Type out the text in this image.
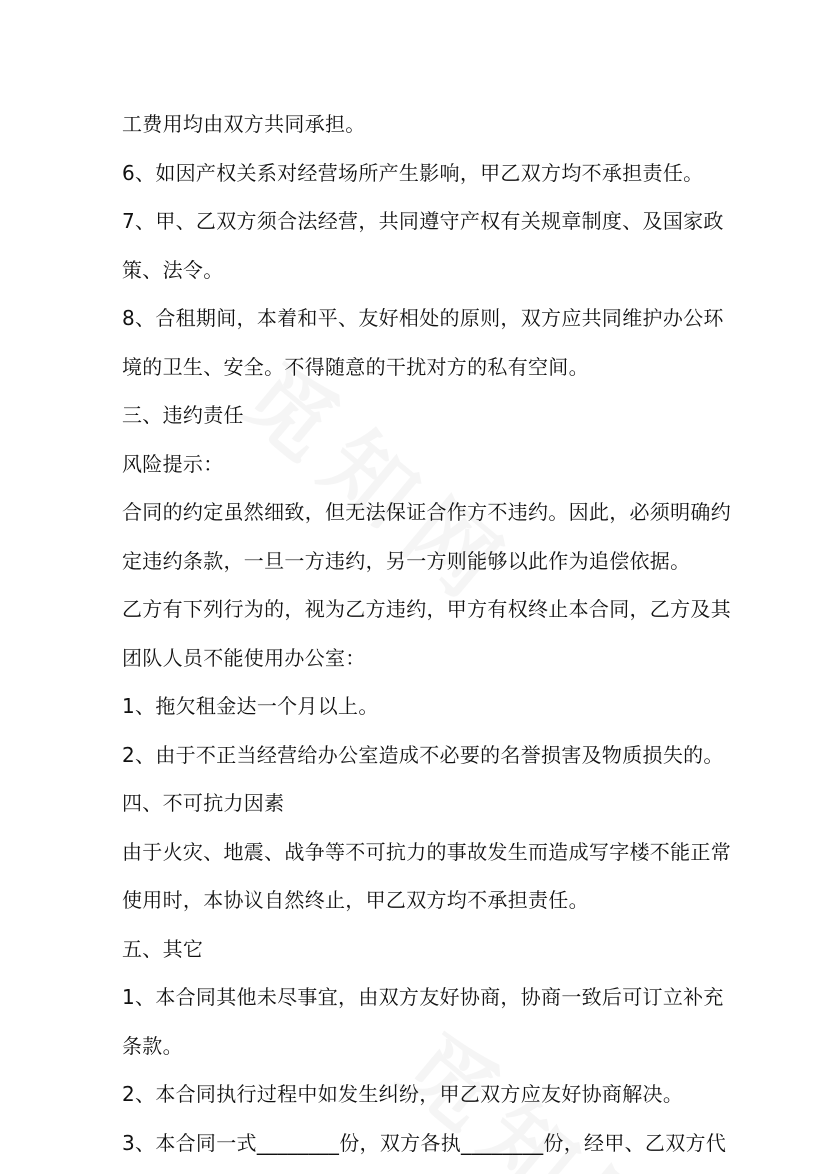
工费用均由双方共同承担。
6、如因产权关系对经营场所产生影响，甲乙双方均不承担责任。
7、甲、乙双方须合法经营，共同遵守产权有关规章制度、及国家政
策、法令。
8、合租期间，本着和平、友好相处的原则，双方应共同维护办公环
境的卫生、安全。不得随意的干扰对方的私有空间。
三、违约责任
风险提示：
合同的约定虽然细致，但无法保证合作方不违约。因此，必须明确约
定违约条款，一旦一方违约，另一方则能够以此作为追偿依据。
乙方有下列行为的，视为乙方违约，甲方有权终止本合同，乙方及其
团队人员不能使用办公室：
1、拖欠租金达一个月以上。
2、由于不正当经营给办公室造成不必要的名誉损害及物质损失的。
四、不可抗力因素
由于火灾、地震、战争等不可抗力的事故发生而造成写字楼不能正常
使用时，本协议自然终止，甲乙双方均不承担责任。
五、其它
1、本合同其他未尽事宜，由双方友好协商，协商一致后可订立补充
条款。
2、本合同执行过程中如发生纠纷，甲乙双方应友好协商解决。
3、本合同一式________份，双方各执________份，经甲、乙双方代
